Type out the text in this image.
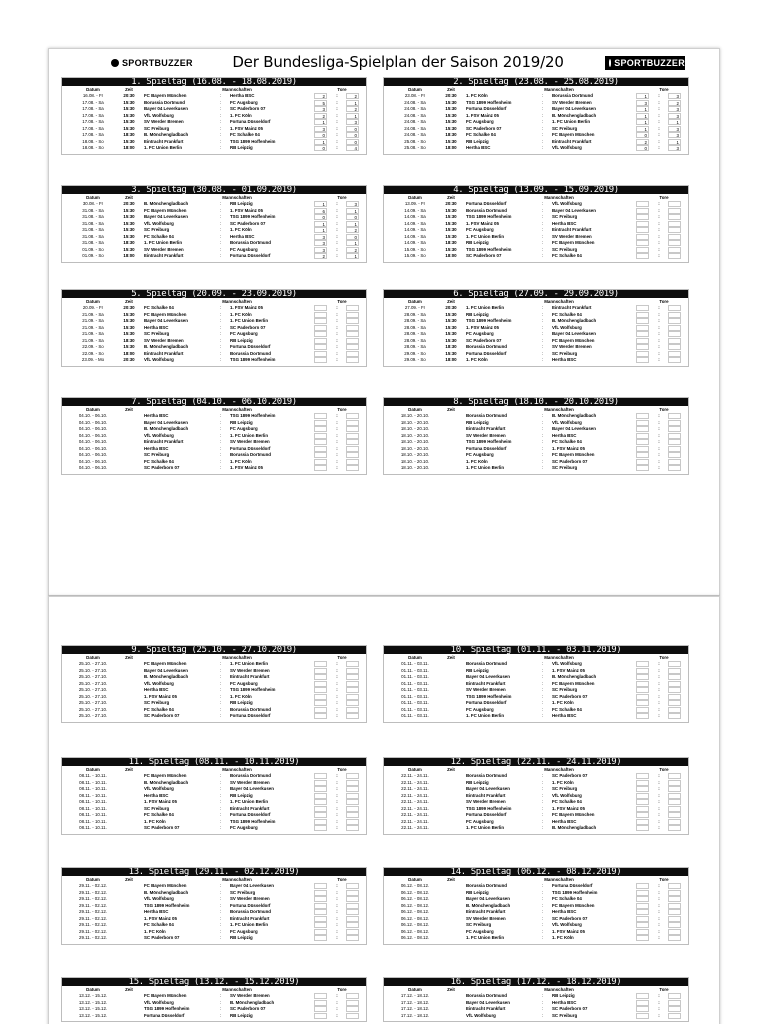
SPORTBUZZER	Der Bundesliga-Spielplan der Saison 2019/20	SPORTBUZZER
1. Spieltag (16.08. - 18.08.2019)
Datum	Zeit	Mannschaften	Tore
16.08. - Fr	20:30	FC Bayern München	: Hertha BSC	2	:	2
17.08. - Sa	15:30	Borussia Dortmund	: FC Augsburg	5	:	1
17.08. - Sa	15:30	Bayer 04 Leverkusen	: SC Paderborn 07	3	:	2
17.08. - Sa	15:30	VfL Wolfsburg	: 1. FC Köln	2	:	1
17.08. - Sa	15:30	SV Werder Bremen	: Fortuna Düsseldorf	1	:	3
17.08. - Sa	15:30	SC Freiburg	: 1. FSV Mainz 05	3	:	0
17.08. - Sa	18:30	B. Mönchengladbach	: FC Schalke 04	0	:	0
18.08. - So	15:30	Eintracht Frankfurt	: TSG 1899 Hoffenheim	1	:	0
18.08. - So	18:00	1. FC Union Berlin	: RB Leipzig	0	:	4
2. Spieltag (23.08. - 25.08.2019)
Datum	Zeit	Mannschaften	Tore
23.08. - Fr	20:30	1. FC Köln	: Borussia Dortmund	1	:	3
24.08. - Sa	15:30	TSG 1899 Hoffenheim	: SV Werder Bremen	3	:	2
24.08. - Sa	15:30	Fortuna Düsseldorf	: Bayer 04 Leverkusen	1	:	3
24.08. - Sa	15:30	1. FSV Mainz 05	: B. Mönchengladbach	1	:	3
24.08. - Sa	15:30	FC Augsburg	: 1. FC Union Berlin	1	:	1
24.08. - Sa	15:30	SC Paderborn 07	: SC Freiburg	1	:	3
24.08. - Sa	18:30	FC Schalke 04	: FC Bayern München	0	:	3
25.08. - So	15:30	RB Leipzig	: Eintracht Frankfurt	2	:	1
25.08. - So	18:00	Hertha BSC	: VfL Wolfsburg	0	:	3
3. Spieltag (30.08. - 01.09.2019)
Datum	Zeit	Mannschaften	Tore
30.08. - Fr	20:30	B. Mönchengladbach	: RB Leipzig	1	:	3
31.08. - Sa	15:30	FC Bayern München	: 1. FSV Mainz 05	6	:	1
31.08. - Sa	15:30	Bayer 04 Leverkusen	: TSG 1899 Hoffenheim	0	:	0
31.08. - Sa	15:30	VfL Wolfsburg	: SC Paderborn 07	1	:	1
31.08. - Sa	15:30	SC Freiburg	: 1. FC Köln	1	:	2
31.08. - Sa	15:30	FC Schalke 04	: Hertha BSC	3	:	0
31.08. - Sa	18:30	1. FC Union Berlin	: Borussia Dortmund	3	:	1
01.09. - So	15:30	SV Werder Bremen	: FC Augsburg	3	:	2
01.09. - So	18:00	Eintracht Frankfurt	: Fortuna Düsseldorf	2	:	1
4. Spieltag (13.09. - 15.09.2019)
Datum	Zeit	Mannschaften	Tore
13.09. - Fr	20:30	Fortuna Düsseldorf	: VfL Wolfsburg	:
14.09. - Sa	15:30	Borussia Dortmund	: Bayer 04 Leverkusen	:
14.09. - Sa	15:30	TSG 1899 Hoffenheim	: SC Freiburg	:
14.09. - Sa	15:30	1. FSV Mainz 05	: Hertha BSC	:
14.09. - Sa	15:30	FC Augsburg	: Eintracht Frankfurt	:
14.09. - Sa	15:30	1. FC Union Berlin	: SV Werder Bremen	:
14.09. - Sa	18:30	RB Leipzig	: FC Bayern München	:
15.09. - So	15:30	TSG 1899 Hoffenheim	: SC Freiburg	:
15.09. - So	18:00	SC Paderborn 07	: FC Schalke 04	:
5. Spieltag (20.09. - 23.09.2019)
Datum	Zeit	Mannschaften	Tore
20.09. - Fr	20:30	FC Schalke 04	: 1. FSV Mainz 05	:
21.09. - Sa	15:30	FC Bayern München	: 1. FC Köln	:
21.09. - Sa	15:30	Bayer 04 Leverkusen	: 1. FC Union Berlin	:
21.09. - Sa	15:30	Hertha BSC	: SC Paderborn 07	:
21.09. - Sa	15:30	SC Freiburg	: FC Augsburg	:
21.09. - Sa	18:30	SV Werder Bremen	: RB Leipzig	:
22.09. - So	15:30	B. Mönchengladbach	: Fortuna Düsseldorf	:
22.09. - So	18:00	Eintracht Frankfurt	: Borussia Dortmund	:
23.09. - Mo	20:30	VfL Wolfsburg	: TSG 1899 Hoffenheim	:
6. Spieltag (27.09. - 29.09.2019)
Datum	Zeit	Mannschaften	Tore
27.09. - Fr	20:30	1. FC Union Berlin	: Eintracht Frankfurt	:
28.09. - Sa	15:30	RB Leipzig	: FC Schalke 04	:
28.09. - Sa	15:30	TSG 1899 Hoffenheim	: B. Mönchengladbach	:
28.09. - Sa	15:30	1. FSV Mainz 05	: VfL Wolfsburg	:
28.09. - Sa	15:30	FC Augsburg	: Bayer 04 Leverkusen	:
28.09. - Sa	15:30	SC Paderborn 07	: FC Bayern München	:
28.09. - Sa	18:30	Borussia Dortmund	: SV Werder Bremen	:
29.09. - So	15:30	Fortuna Düsseldorf	: SC Freiburg	:
29.09. - So	18:00	1. FC Köln	: Hertha BSC	:
7. Spieltag (04.10. - 06.10.2019)
Datum	Zeit	Mannschaften	Tore
04.10. - 06.10.	Hertha BSC	: TSG 1899 Hoffenheim	:
04.10. - 06.10.	Bayer 04 Leverkusen	: RB Leipzig	:
04.10. - 06.10.	B. Mönchengladbach	: FC Augsburg	:
04.10. - 06.10.	VfL Wolfsburg	: 1. FC Union Berlin	:
04.10. - 06.10.	Eintracht Frankfurt	: SV Werder Bremen	:
04.10. - 06.10.	Hertha BSC	: Fortuna Düsseldorf	:
04.10. - 06.10.	SC Freiburg	: Borussia Dortmund	:
04.10. - 06.10.	FC Schalke 04	: 1. FC Köln	:
04.10. - 06.10.	SC Paderborn 07	: 1. FSV Mainz 05	:
8. Spieltag (18.10. - 20.10.2019)
Datum	Zeit	Mannschaften	Tore
18.10. - 20.10.	Borussia Dortmund	: B. Mönchengladbach	:
18.10. - 20.10.	RB Leipzig	: VfL Wolfsburg	:
18.10. - 20.10.	Eintracht Frankfurt	: Bayer 04 Leverkusen	:
18.10. - 20.10.	SV Werder Bremen	: Hertha BSC	:
18.10. - 20.10.	TSG 1899 Hoffenheim	: FC Schalke 04	:
18.10. - 20.10.	Fortuna Düsseldorf	: 1. FSV Mainz 05	:
18.10. - 20.10.	FC Augsburg	: FC Bayern München	:
18.10. - 20.10.	1. FC Köln	: SC Paderborn 07	:
18.10. - 20.10.	1. FC Union Berlin	: SC Freiburg	:
9. Spieltag (25.10. - 27.10.2019)
Datum	Zeit	Mannschaften	Tore
25.10. - 27.10.	FC Bayern München	: 1. FC Union Berlin	:
25.10. - 27.10.	Bayer 04 Leverkusen	: SV Werder Bremen	:
25.10. - 27.10.	B. Mönchengladbach	: Eintracht Frankfurt	:
25.10. - 27.10.	VfL Wolfsburg	: FC Augsburg	:
25.10. - 27.10.	Hertha BSC	: TSG 1899 Hoffenheim	:
25.10. - 27.10.	1. FSV Mainz 05	: 1. FC Köln	:
25.10. - 27.10.	SC Freiburg	: RB Leipzig	:
25.10. - 27.10.	FC Schalke 04	: Borussia Dortmund	:
25.10. - 27.10.	SC Paderborn 07	: Fortuna Düsseldorf	:
10. Spieltag (01.11. - 03.11.2019)
Datum	Zeit	Mannschaften	Tore
01.11. - 03.11.	Borussia Dortmund	: VfL Wolfsburg	:
01.11. - 03.11.	RB Leipzig	: 1. FSV Mainz 05	:
01.11. - 03.11.	Bayer 04 Leverkusen	: B. Mönchengladbach	:
01.11. - 03.11.	Eintracht Frankfurt	: FC Bayern München	:
01.11. - 03.11.	SV Werder Bremen	: SC Freiburg	:
01.11. - 03.11.	TSG 1899 Hoffenheim	: SC Paderborn 07	:
01.11. - 03.11.	Fortuna Düsseldorf	: 1. FC Köln	:
01.11. - 03.11.	FC Augsburg	: FC Schalke 04	:
01.11. - 03.11.	1. FC Union Berlin	: Hertha BSC	:
11. Spieltag (08.11. - 10.11.2019)
Datum	Zeit	Mannschaften	Tore
08.11. - 10.11.	FC Bayern München	: Borussia Dortmund	:
08.11. - 10.11.	B. Mönchengladbach	: SV Werder Bremen	:
08.11. - 10.11.	VfL Wolfsburg	: Bayer 04 Leverkusen	:
08.11. - 10.11.	Hertha BSC	: RB Leipzig	:
08.11. - 10.11.	1. FSV Mainz 05	: 1. FC Union Berlin	:
08.11. - 10.11.	SC Freiburg	: Eintracht Frankfurt	:
08.11. - 10.11.	FC Schalke 04	: Fortuna Düsseldorf	:
08.11. - 10.11.	1. FC Köln	: TSG 1899 Hoffenheim	:
08.11. - 10.11.	SC Paderborn 07	: FC Augsburg	:
12. Spieltag (22.11. - 24.11.2019)
Datum	Zeit	Mannschaften	Tore
22.11. - 24.11.	Borussia Dortmund	: SC Paderborn 07	:
22.11. - 24.11.	RB Leipzig	: 1. FC Köln	:
22.11. - 24.11.	Bayer 04 Leverkusen	: SC Freiburg	:
22.11. - 24.11.	Eintracht Frankfurt	: VfL Wolfsburg	:
22.11. - 24.11.	SV Werder Bremen	: FC Schalke 04	:
22.11. - 24.11.	TSG 1899 Hoffenheim	: 1. FSV Mainz 05	:
22.11. - 24.11.	Fortuna Düsseldorf	: FC Bayern München	:
22.11. - 24.11.	FC Augsburg	: Hertha BSC	:
22.11. - 24.11.	1. FC Union Berlin	: B. Mönchengladbach	:
13. Spieltag (29.11. - 02.12.2019)
Datum	Zeit	Mannschaften	Tore
29.11. - 02.12.	FC Bayern München	: Bayer 04 Leverkusen	:
29.11. - 02.12.	B. Mönchengladbach	: SC Freiburg	:
29.11. - 02.12.	VfL Wolfsburg	: SV Werder Bremen	:
29.11. - 02.12.	TSG 1899 Hoffenheim	: Fortuna Düsseldorf	:
29.11. - 02.12.	Hertha BSC	: Borussia Dortmund	:
29.11. - 02.12.	1. FSV Mainz 05	: Eintracht Frankfurt	:
29.11. - 02.12.	FC Schalke 04	: 1. FC Union Berlin	:
29.11. - 02.12.	1. FC Köln	: FC Augsburg	:
29.11. - 02.12.	SC Paderborn 07	: RB Leipzig	:
14. Spieltag (06.12. - 08.12.2019)
Datum	Zeit	Mannschaften	Tore
06.12. - 08.12.	Borussia Dortmund	: Fortuna Düsseldorf	:
06.12. - 08.12.	RB Leipzig	: TSG 1899 Hoffenheim	:
06.12. - 08.12.	Bayer 04 Leverkusen	: FC Schalke 04	:
06.12. - 08.12.	B. Mönchengladbach	: FC Bayern München	:
06.12. - 08.12.	Eintracht Frankfurt	: Hertha BSC	:
06.12. - 08.12.	SV Werder Bremen	: SC Paderborn 07	:
06.12. - 08.12.	SC Freiburg	: VfL Wolfsburg	:
06.12. - 08.12.	FC Augsburg	: 1. FSV Mainz 05	:
06.12. - 08.12.	1. FC Union Berlin	: 1. FC Köln	:
15. Spieltag (13.12. - 15.12.2019)
Datum	Zeit	Mannschaften	Tore
13.12. - 15.12.	FC Bayern München	: SV Werder Bremen	:
13.12. - 15.12.	VfL Wolfsburg	: B. Mönchengladbach	:
13.12. - 15.12.	TSG 1899 Hoffenheim	: SC Paderborn 07	:
13.12. - 15.12.	Fortuna Düsseldorf	: RB Leipzig	:
16. Spieltag (17.12. - 18.12.2019)
Datum	Zeit	Mannschaften	Tore
17.12. - 18.12.	Borussia Dortmund	: RB Leipzig	:
17.12. - 18.12.	Bayer 04 Leverkusen	: Hertha BSC	:
17.12. - 18.12.	Eintracht Frankfurt	: SC Paderborn 07	:
17.12. - 18.12.	VfL Wolfsburg	: SC Freiburg	:
